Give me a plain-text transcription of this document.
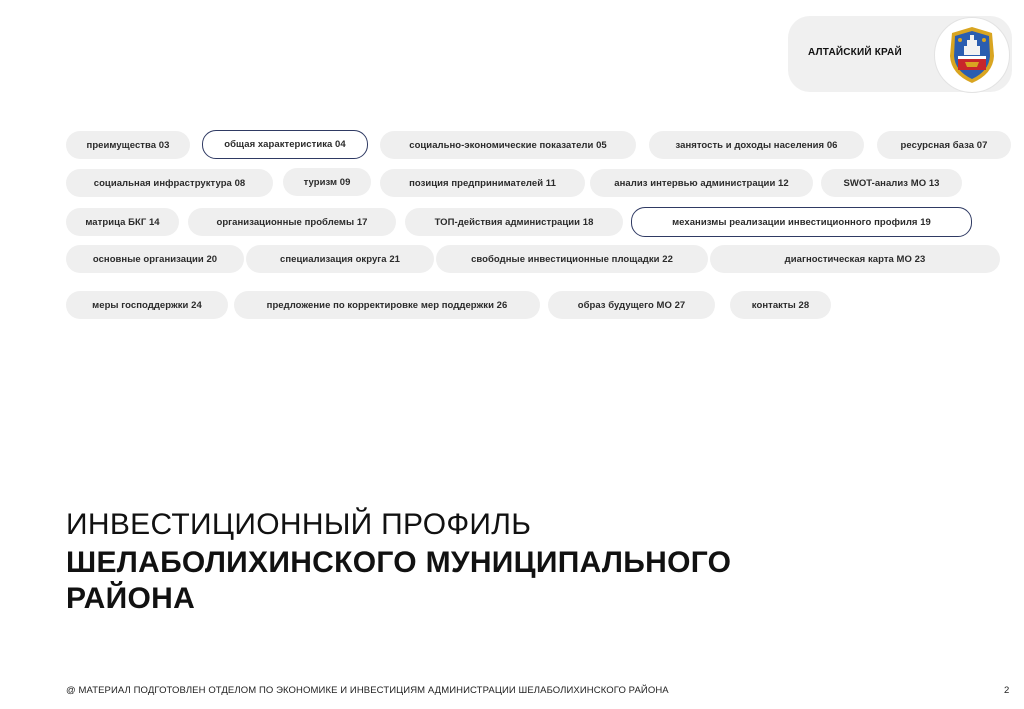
АЛТАЙСКИЙ КРАЙ
преимущества 03	общая характеристика 04	социально-экономические показатели 05	занятость и доходы населения 06	ресурсная база 07
социальная инфраструктура 08	туризм 09	позиция предпринимателей 11	анализ интервью администрации 12	SWOT-анализ МО 13
матрица БКГ 14	организационные проблемы 17	ТОП-действия администрации 18	механизмы реализации инвестиционного профиля 19
основные организации 20	специализация округа 21	свободные инвестиционные площадки 22	диагностическая карта МО 23
меры господдержки 24	предложение по корректировке мер поддержки 26	образ будущего МО 27	контакты 28
ИНВЕСТИЦИОННЫЙ ПРОФИЛЬ
ШЕЛАБОЛИХИНСКОГО МУНИЦИПАЛЬНОГО РАЙОНА
@ МАТЕРИАЛ ПОДГОТОВЛЕН ОТДЕЛОМ ПО ЭКОНОМИКЕ И ИНВЕСТИЦИЯМ АДМИНИСТРАЦИИ ШЕЛАБОЛИХИНСКОГО РАЙОНА	2
